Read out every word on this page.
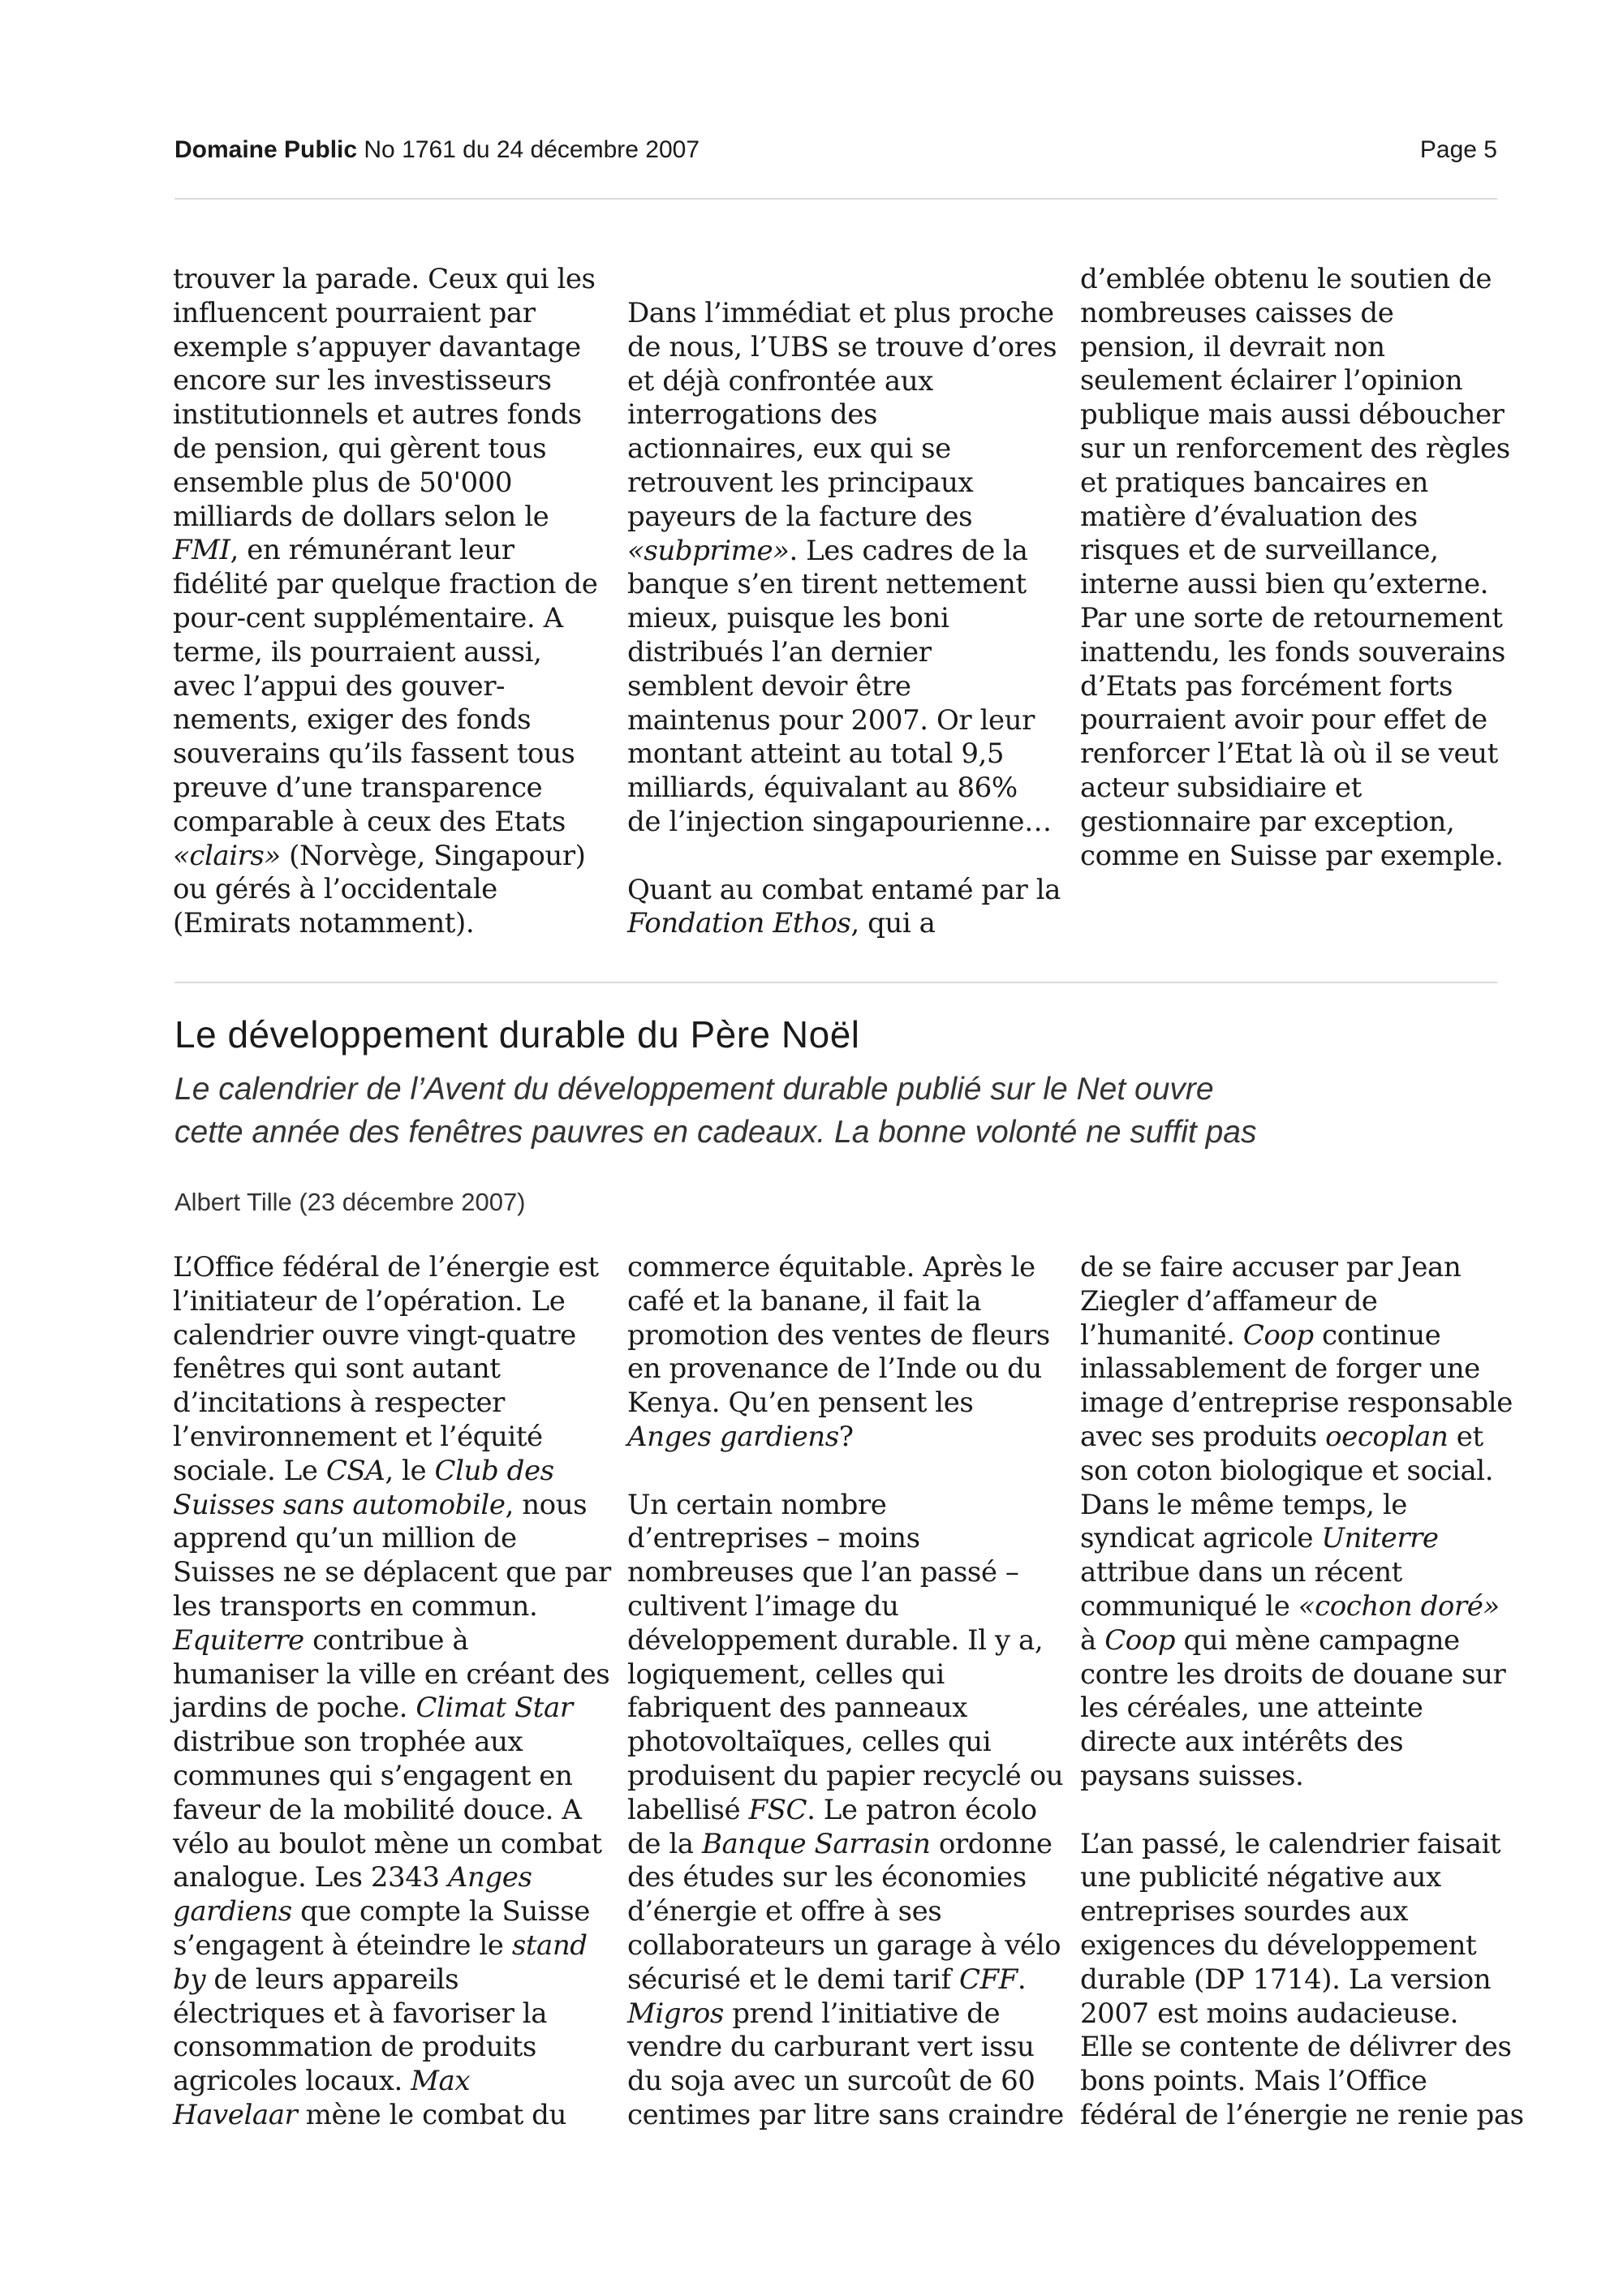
Domaine Public No 1761 du 24 décembre 2007	Page 5

trouver la parade. Ceux qui les
influencent pourraient par
exemple s’appuyer davantage
encore sur les investisseurs
institutionnels et autres fonds
de pension, qui gèrent tous
ensemble plus de 50'000
milliards de dollars selon le
FMI, en rémunérant leur
fidélité par quelque fraction de
pour-cent supplémentaire. A
terme, ils pourraient aussi,
avec l’appui des gouver-
nements, exiger des fonds
souverains qu’ils fassent tous
preuve d’une transparence
comparable à ceux des Etats
«clairs» (Norvège, Singapour)
ou gérés à l’occidentale
(Emirats notamment).

Dans l’immédiat et plus proche
de nous, l’UBS se trouve d’ores
et déjà confrontée aux
interrogations des
actionnaires, eux qui se
retrouvent les principaux
payeurs de la facture des
«subprime». Les cadres de la
banque s’en tirent nettement
mieux, puisque les boni
distribués l’an dernier
semblent devoir être
maintenus pour 2007. Or leur
montant atteint au total 9,5
milliards, équivalant au 86%
de l’injection singapourienne…

Quant au combat entamé par la
Fondation Ethos, qui a

d’emblée obtenu le soutien de
nombreuses caisses de
pension, il devrait non
seulement éclairer l’opinion
publique mais aussi déboucher
sur un renforcement des règles
et pratiques bancaires en
matière d’évaluation des
risques et de surveillance,
interne aussi bien qu’externe.
Par une sorte de retournement
inattendu, les fonds souverains
d’Etats pas forcément forts
pourraient avoir pour effet de
renforcer l’Etat là où il se veut
acteur subsidiaire et
gestionnaire par exception,
comme en Suisse par exemple.

Le développement durable du Père Noël

Le calendrier de l’Avent du développement durable publié sur le Net ouvre
cette année des fenêtres pauvres en cadeaux. La bonne volonté ne suffit pas

Albert Tille (23 décembre 2007)

L’Office fédéral de l’énergie est
l’initiateur de l’opération. Le
calendrier ouvre vingt-quatre
fenêtres qui sont autant
d’incitations à respecter
l’environnement et l’équité
sociale. Le CSA, le Club des
Suisses sans automobile, nous
apprend qu’un million de
Suisses ne se déplacent que par
les transports en commun.
Equiterre contribue à
humaniser la ville en créant des
jardins de poche. Climat Star
distribue son trophée aux
communes qui s’engagent en
faveur de la mobilité douce. A
vélo au boulot mène un combat
analogue. Les 2343 Anges
gardiens que compte la Suisse
s’engagent à éteindre le stand
by de leurs appareils
électriques et à favoriser la
consommation de produits
agricoles locaux. Max
Havelaar mène le combat du

commerce équitable. Après le
café et la banane, il fait la
promotion des ventes de fleurs
en provenance de l’Inde ou du
Kenya. Qu’en pensent les
Anges gardiens?

Un certain nombre
d’entreprises – moins
nombreuses que l’an passé –
cultivent l’image du
développement durable. Il y a,
logiquement, celles qui
fabriquent des panneaux
photovoltaïques, celles qui
produisent du papier recyclé ou
labellisé FSC. Le patron écolo
de la Banque Sarrasin ordonne
des études sur les économies
d’énergie et offre à ses
collaborateurs un garage à vélo
sécurisé et le demi tarif CFF.
Migros prend l’initiative de
vendre du carburant vert issu
du soja avec un surcoût de 60
centimes par litre sans craindre

de se faire accuser par Jean
Ziegler d’affameur de
l’humanité. Coop continue
inlassablement de forger une
image d’entreprise responsable
avec ses produits oecoplan et
son coton biologique et social.
Dans le même temps, le
syndicat agricole Uniterre
attribue dans un récent
communiqué le «cochon doré»
à Coop qui mène campagne
contre les droits de douane sur
les céréales, une atteinte
directe aux intérêts des
paysans suisses.

L’an passé, le calendrier faisait
une publicité négative aux
entreprises sourdes aux
exigences du développement
durable (DP 1714). La version
2007 est moins audacieuse.
Elle se contente de délivrer des
bons points. Mais l’Office
fédéral de l’énergie ne renie pas
